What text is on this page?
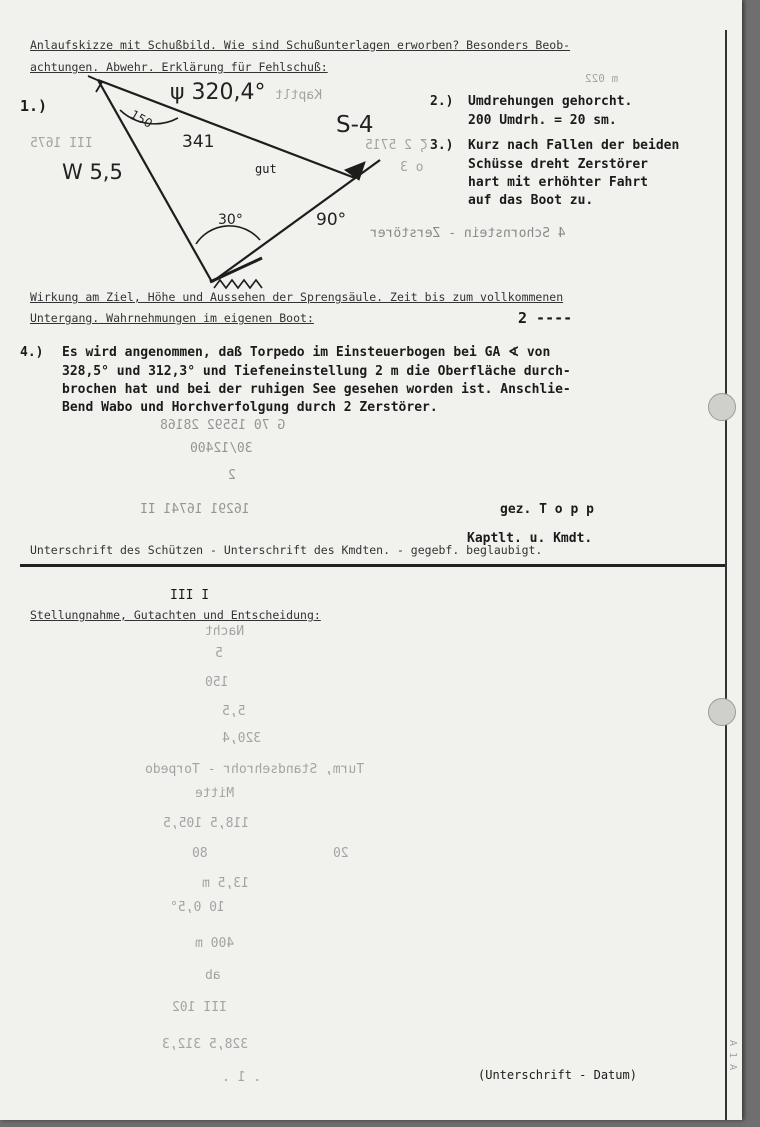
Anlaufskizze mit Schußbild. Wie sind Schußunterlagen erworben? Besonders Beob-
achtungen. Abwehr. Erklärung für Fehlschuß:
1.)
ψ 320,4°
150
341
W 5,5	gut
S-4
30°	90°
Kaptlt
m 022
III 1675	ζ 2 5715
o 3
4 Schornstein - Zerstörer
2.) Umdrehungen gehorcht.
200 Umdrh. = 20 sm.
3.) Kurz nach Fallen der beiden
Schüsse dreht Zerstörer
hart mit erhöhter Fahrt
auf das Boot zu.
Wirkung am Ziel, Höhe und Aussehen der Sprengsäule. Zeit bis zum vollkommenen
Untergang. Wahrnehmungen im eigenen Boot:	2 ----
4.) Es wird angenommen, daß Torpedo im Einsteuerbogen bei GA ∢ von
328,5° und 312,3° und Tiefeneinstellung 2 m die Oberfläche durch-
brochen hat und bei der ruhigen See gesehen worden ist. Anschlie-
Bend Wabo und Horchverfolgung durch 2 Zerstörer.
G 70 15592 28168
30/12400
2
16291 16741 II	gez. T o p p
Kaptlt. u. Kmdt.
Unterschrift des Schützen - Unterschrift des Kmdten. - gegebf. beglaubigt.
III I
Stellungnahme, Gutachten und Entscheidung:
Nacht
5
150
5,5
320,4
Turm, Standsehrohr - Torpedo
Mitte
118,5 105,5
80	20
13,5 m
10 0,5°
400 m
ab
III 102
328,5 312,3
. 1 .	(Unterschrift - Datum)
A 1 A
